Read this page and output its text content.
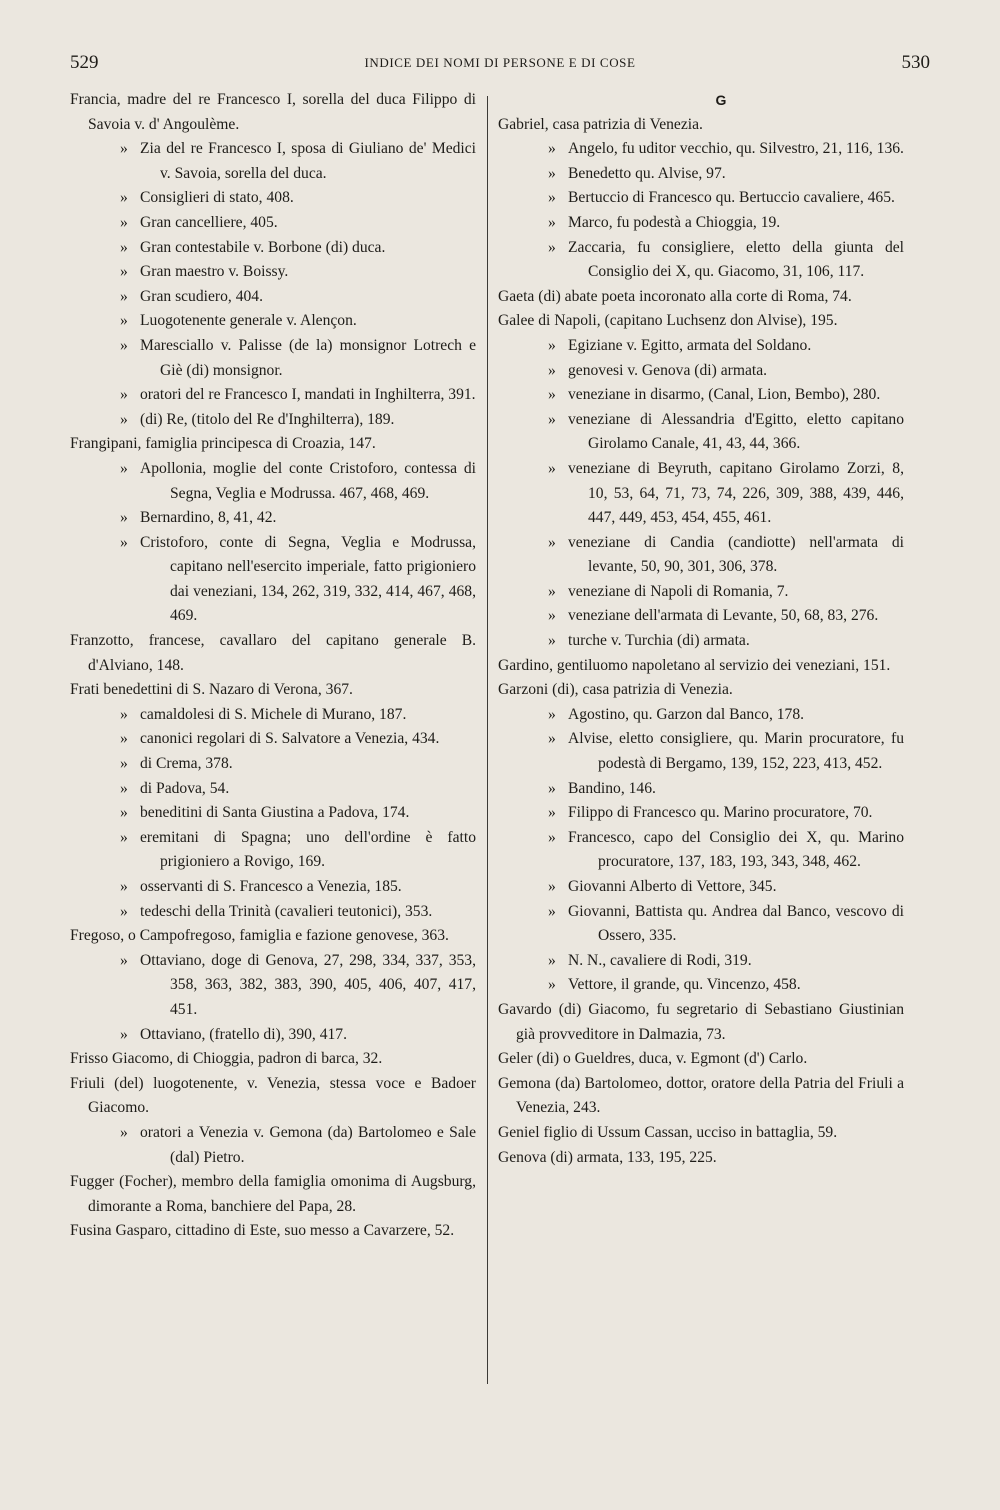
529	INDICE DEI NOMI DI PERSONE E DI COSE	530
Francia, madre del re Francesco I, sorella del duca Filippo di Savoia v. d' Angoulème.
» Zia del re Francesco I, sposa di Giuliano de' Medici v. Savoia, sorella del duca.
» Consiglieri di stato, 408.
» Gran cancelliere, 405.
» Gran contestabile v. Borbone (di) duca.
» Gran maestro v. Boissy.
» Gran scudiero, 404.
» Luogotenente generale v. Alençon.
» Maresciallo v. Palisse (de la) monsignor Lotrech e Giè (di) monsignor.
» oratori del re Francesco I, mandati in Inghilterra, 391.
» (di) Re, (titolo del Re d'Inghilterra), 189.
Frangipani, famiglia principesca di Croazia, 147.
» Apollonia, moglie del conte Cristoforo, contessa di Segna, Veglia e Modrussa. 467, 468, 469.
» Bernardino, 8, 41, 42.
» Cristoforo, conte di Segna, Veglia e Modrussa, capitano nell'esercito imperiale, fatto prigioniero dai veneziani, 134, 262, 319, 332, 414, 467, 468, 469.
Franzotto, francese, cavallaro del capitano generale B. d'Alviano, 148.
Frati benedettini di S. Nazaro di Verona, 367.
» camaldolesi di S. Michele di Murano, 187.
» canonici regolari di S. Salvatore a Venezia, 434.
» di Crema, 378.
» di Padova, 54.
» beneditini di Santa Giustina a Padova, 174.
» eremitani di Spagna; uno dell'ordine è fatto prigioniero a Rovigo, 169.
» osservanti di S. Francesco a Venezia, 185.
» tedeschi della Trinità (cavalieri teutonici), 353.
Fregoso, o Campofregoso, famiglia e fazione genovese, 363.
» Ottaviano, doge di Genova, 27, 298, 334, 337, 353, 358, 363, 382, 383, 390, 405, 406, 407, 417, 451.
» Ottaviano, (fratello di), 390, 417.
Frisso Giacomo, di Chioggia, padron di barca, 32.
Friuli (del) luogotenente, v. Venezia, stessa voce e Badoer Giacomo.
» oratori a Venezia v. Gemona (da) Bartolomeo e Sale (dal) Pietro.
Fugger (Focher), membro della famiglia omonima di Augsburg, dimorante a Roma, banchiere del Papa, 28.
Fusina Gasparo, cittadino di Este, suo messo a Cavarzere, 52.
G
Gabriel, casa patrizia di Venezia.
» Angelo, fu uditor vecchio, qu. Silvestro, 21, 116, 136.
» Benedetto qu. Alvise, 97.
» Bertuccio di Francesco qu. Bertuccio cavaliere, 465.
» Marco, fu podestà a Chioggia, 19.
» Zaccaria, fu consigliere, eletto della giunta del Consiglio dei X, qu. Giacomo, 31, 106, 117.
Gaeta (di) abate poeta incoronato alla corte di Roma, 74.
Galee di Napoli, (capitano Luchsenz don Alvise), 195.
» Egiziane v. Egitto, armata del Soldano.
» genovesi v. Genova (di) armata.
» veneziane in disarmo, (Canal, Lion, Bembo), 280.
» veneziane di Alessandria d'Egitto, eletto capitano Girolamo Canale, 41, 43, 44, 366.
» veneziane di Beyruth, capitano Girolamo Zorzi, 8, 10, 53, 64, 71, 73, 74, 226, 309, 388, 439, 446, 447, 449, 453, 454, 455, 461.
» veneziane di Candia (candiotte) nell'armata di levante, 50, 90, 301, 306, 378.
» veneziane di Napoli di Romania, 7.
» veneziane dell'armata di Levante, 50, 68, 83, 276.
» turche v. Turchia (di) armata.
Gardino, gentiluomo napoletano al servizio dei veneziani, 151.
Garzoni (di), casa patrizia di Venezia.
» Agostino, qu. Garzon dal Banco, 178.
» Alvise, eletto consigliere, qu. Marin procuratore, fu podestà di Bergamo, 139, 152, 223, 413, 452.
» Bandino, 146.
» Filippo di Francesco qu. Marino procuratore, 70.
» Francesco, capo del Consiglio dei X, qu. Marino procuratore, 137, 183, 193, 343, 348, 462.
» Giovanni Alberto di Vettore, 345.
» Giovanni, Battista qu. Andrea dal Banco, vescovo di Ossero, 335.
» N. N., cavaliere di Rodi, 319.
» Vettore, il grande, qu. Vincenzo, 458.
Gavardo (di) Giacomo, fu segretario di Sebastiano Giustinian già provveditore in Dalmazia, 73.
Geler (di) o Gueldres, duca, v. Egmont (d') Carlo.
Gemona (da) Bartolomeo, dottor, oratore della Patria del Friuli a Venezia, 243.
Geniel figlio di Ussum Cassan, ucciso in battaglia, 59.
Genova (di) armata, 133, 195, 225.
